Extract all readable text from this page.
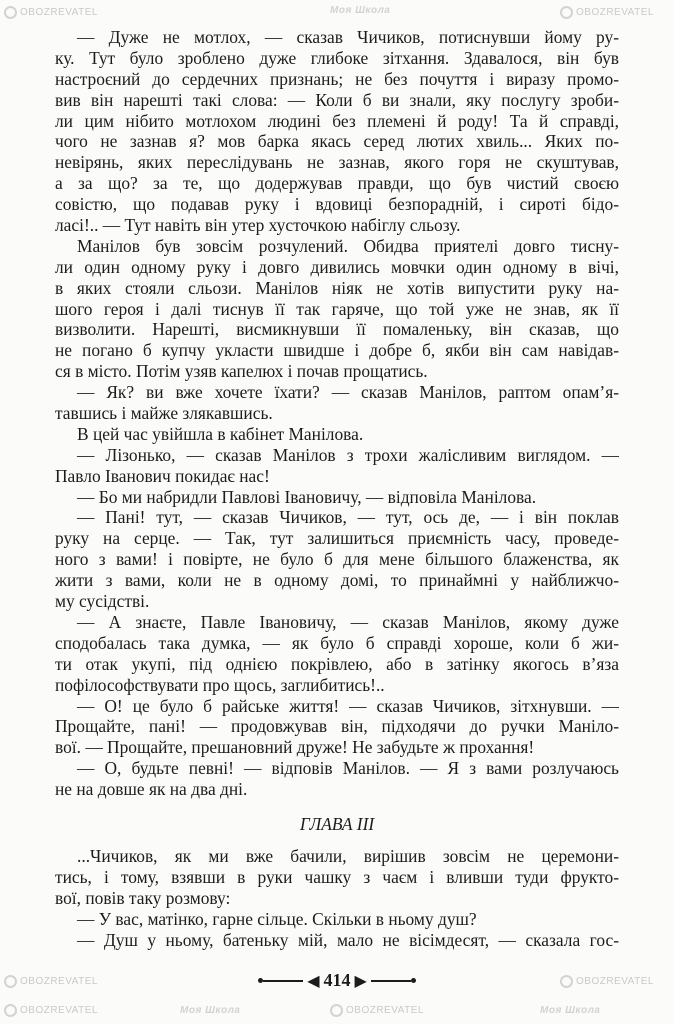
— Дуже не мотлох, — сказав Чичиков, потиснувши йому ру-
ку. Тут було зроблено дуже глибоке зітхання. Здавалося, він був
настроєний до сердечних признань; не без почуття і виразу промо-
вив він нарешті такі слова: — Коли б ви знали, яку послугу зроби-
ли цим нібито мотлохом людині без племені й роду! Та й справді,
чого не зазнав я? мов барка якась серед лютих хвиль... Яких по-
невірянь, яких переслідувань не зазнав, якого горя не скуштував,
а за що? за те, що додержував правди, що був чистий своєю
совістю, що подавав руку і вдовиці безпорадній, і сироті бідо-
ласі!.. — Тут навіть він утер хусточкою набіглу сльозу.
Манілов був зовсім розчулений. Обидва приятелі довго тисну-
ли один одному руку і довго дивились мовчки один одному в вічі,
в яких стояли сльози. Манілов ніяк не хотів випустити руку на-
шого героя і далі тиснув її так гаряче, що той уже не знав, як її
визволити. Нарешті, висмикнувши її помаленьку, він сказав, що
не погано б купчу укласти швидше і добре б, якби він сам навідав-
ся в місто. Потім узяв капелюх і почав прощатись.
— Як? ви вже хочете їхати? — сказав Манілов, раптом опам’я-
тавшись і майже злякавшись.
В цей час увійшла в кабінет Манілова.
— Лізонько, — сказав Манілов з трохи жалісливим виглядом. —
Павло Іванович покидає нас!
— Бо ми набридли Павлові Івановичу, — відповіла Манілова.
— Пані! тут, — сказав Чичиков, — тут, ось де, — і він поклав
руку на серце. — Так, тут залишиться приємність часу, проведе-
ного з вами! і повірте, не було б для мене більшого блаженства, як
жити з вами, коли не в одному домі, то принаймні у найближчо-
му сусідстві.
— А знаєте, Павле Івановичу, — сказав Манілов, якому дуже
сподобалась така думка, — як було б справді хороше, коли б жи-
ти отак укупі, під однією покрівлею, або в затінку якогось в’яза
пофілософствувати про щось, заглибитись!..
— О! це було б райське життя! — сказав Чичиков, зітхнувши. —
Прощайте, пані! — продовжував він, підходячи до ручки Маніло-
вої. — Прощайте, прешановний друже! Не забудьте ж прохання!
— О, будьте певні! — відповів Манілов. — Я з вами розлучаюсь
не на довше як на два дні.
ГЛАВА III
...Чичиков, як ми вже бачили, вирішив зовсім не церемони-
тись, і тому, взявши в руки чашку з чаєм і вливши туди фрукто-
вої, повів таку розмову:
— У вас, матінко, гарне сільце. Скільки в ньому душ?
— Душ у ньому, батеньку мій, мало не вісімдесят, — сказала гос-
◀ 414 ▶
OBOZREVATEL	Моя Школа	OBOZREVATEL
OBOZREVATEL	OBOZREVATEL
OBOZREVATEL	Моя Школа	OBOZREVATEL	Моя Школа
